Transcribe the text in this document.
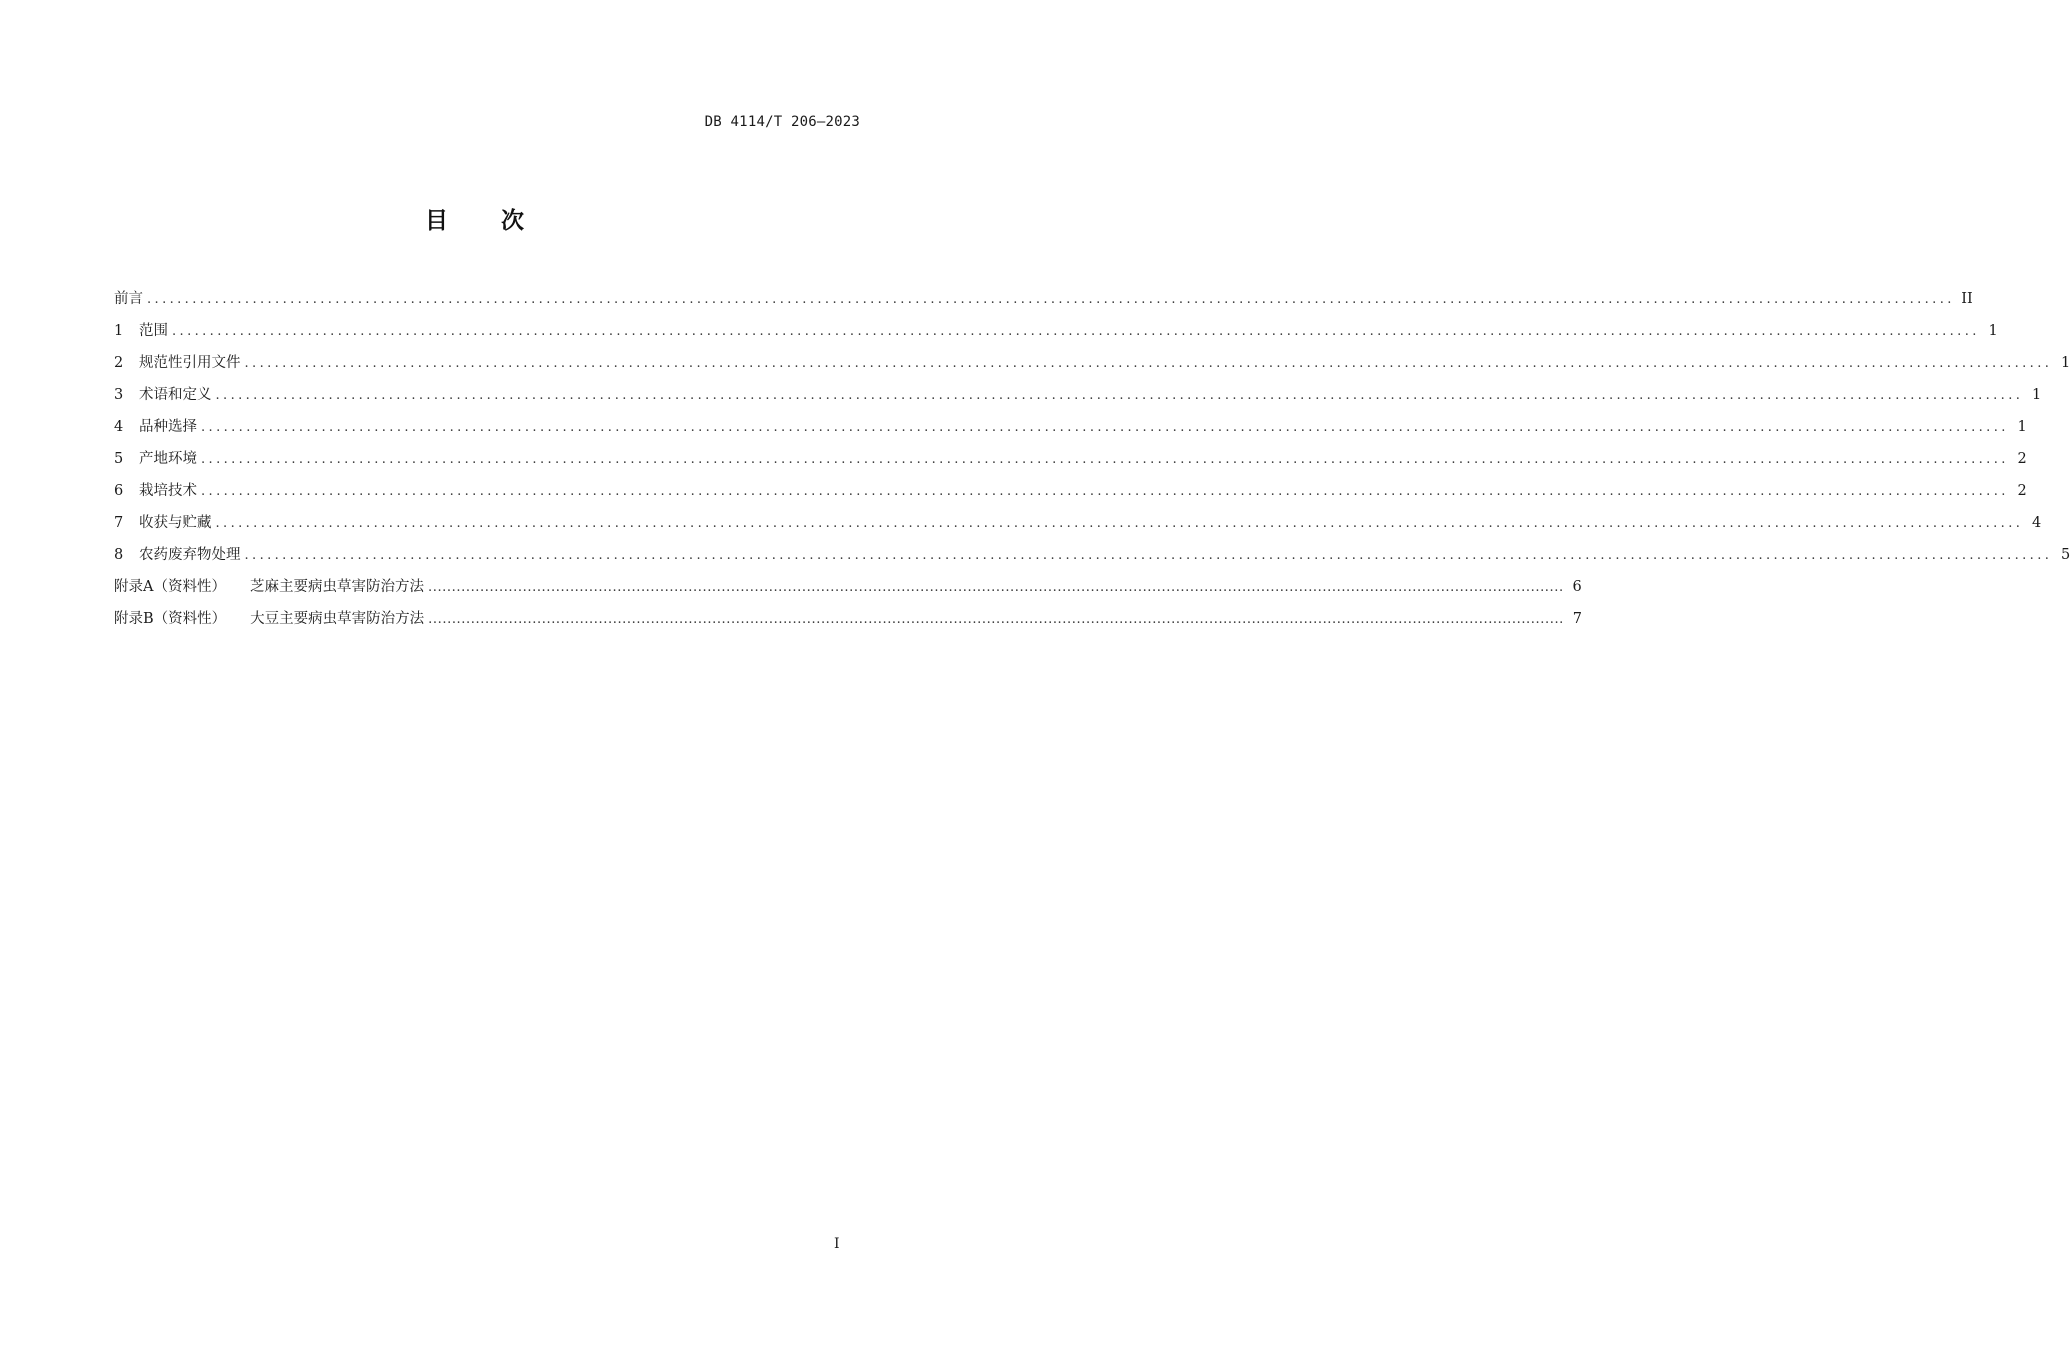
DB 4114/T 206—2023
目 次
前言 ................................................................................................................................................................................................................................................ II
1	范围 ................................................................................................................................................................................................................................................ 1
2	规范性引用文件 ................................................................................................................................................................................................................................................ 1
3	术语和定义 ................................................................................................................................................................................................................................................ 1
4	品种选择 ................................................................................................................................................................................................................................................ 1
5	产地环境 ................................................................................................................................................................................................................................................ 2
6	栽培技术 ................................................................................................................................................................................................................................................ 2
7	收获与贮藏 ................................................................................................................................................................................................................................................ 4
8	农药废弃物处理 ................................................................................................................................................................................................................................................ 5
附录A（资料性） 芝麻主要病虫草害防治方法 ................................................................................................................................................................................................................................................ 6
附录B（资料性） 大豆主要病虫草害防治方法 ................................................................................................................................................................................................................................................ 7
I
